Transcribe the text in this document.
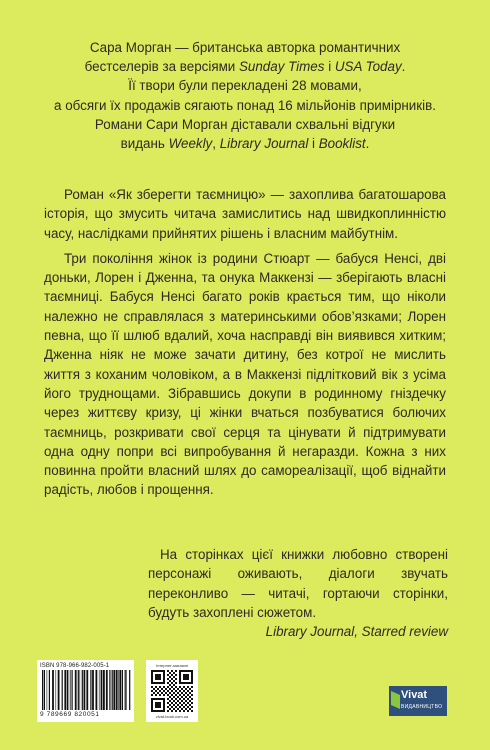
Сара Морган — британська авторка романтичних
бестселерів за версіями Sunday Times і USA Today.
Її твори були перекладені 28 мовами,
а обсяги їх продажів сягають понад 16 мільйонів примірників.
Романи Сари Морган діставали схвальні відгуки
видань Weekly, Library Journal і Booklist.

Роман «Як зберегти таємницю» — захоплива багатошарова історія, що змусить читача замислитись над швидкоплинністю часу, наслідками прийнятих рішень і власним майбутнім.

Три покоління жінок із родини Стюарт — бабуся Ненсі, дві доньки, Лорен і Дженна, та онука Маккензі — зберігають власні таємниці. Бабуся Ненсі багато років крається тим, що ніколи належно не справлялася з материнськими обов’язками; Лорен певна, що її шлюб вдалий, хоча насправді він виявився хитким; Дженна ніяк не може зачати дитину, без котрої не мислить життя з коханим чоловіком, а в Маккензі підлітковий вік з усіма його труднощами. Зібравшись докупи в родинному гніздечку через життєву кризу, ці жінки вчаться позбуватися болючих таємниць, розкривати свої серця та цінувати й підтримувати одна одну попри всі випробування й негаразди. Кожна з них повинна пройти власний шлях до самореалізації, щоб віднайти радість, любов і прощення.

На сторінках цієї книжки любовно створені персонажі оживають, діалоги звучать переконливо — читачі, гортаючи сторінки, будуть захоплені сюжетом.

Library Journal, Starred review
ISBN 978-966-982-005-1
9 789669 820051
Інтернет-магазин
vivat-book.com.ua
Vivat
ВИДАВНИЦТВО
